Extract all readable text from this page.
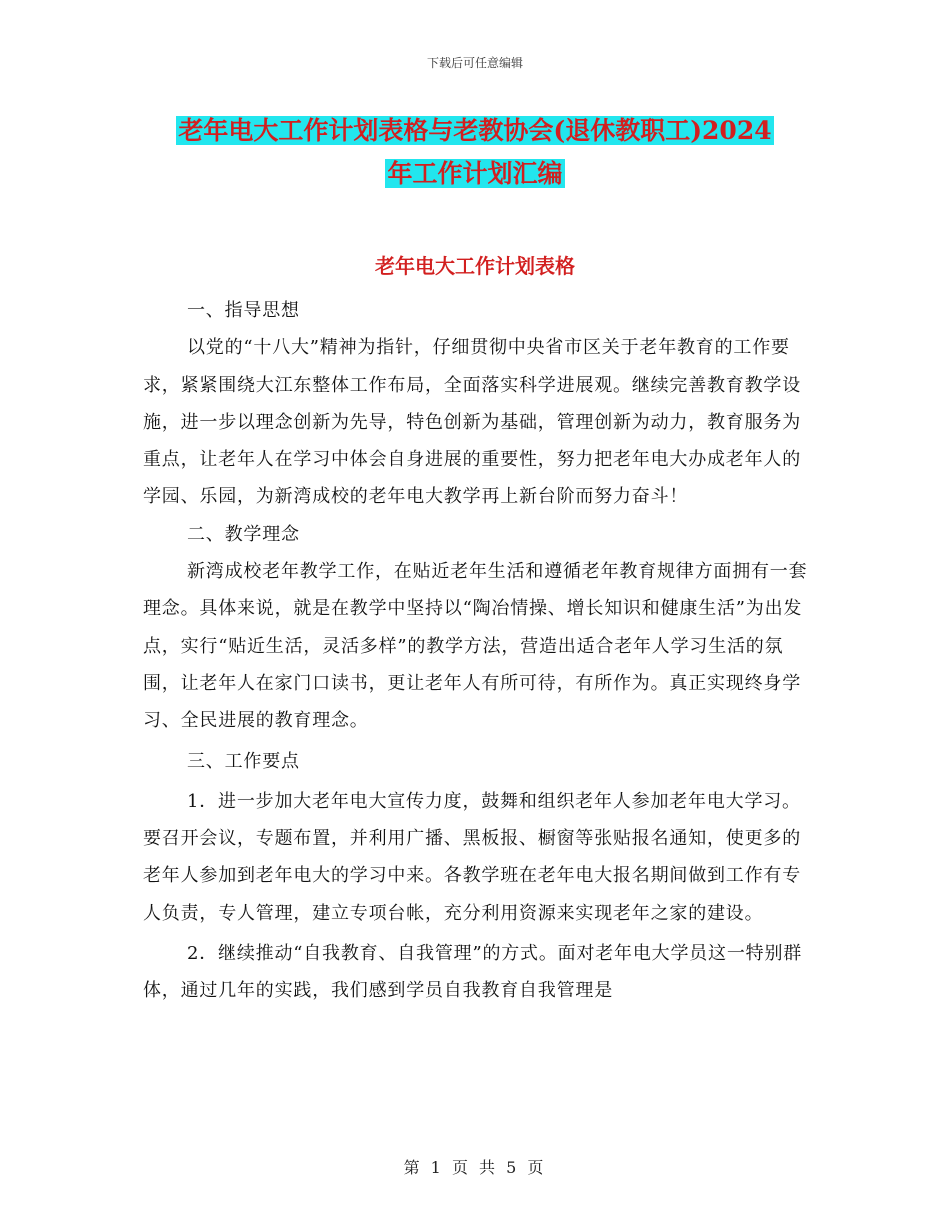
下载后可任意编辑
老年电大工作计划表格与老教协会(退休教职工)2024
年工作计划汇编
老年电大工作计划表格

一、指导思想

以党的“十八大”精神为指针，仔细贯彻中央省市区关于老年教育的工作要求，紧紧围绕大江东整体工作布局，全面落实科学进展观。继续完善教育教学设施，进一步以理念创新为先导，特色创新为基础，管理创新为动力，教育服务为重点，让老年人在学习中体会自身进展的重要性，努力把老年电大办成老年人的学园、乐园，为新湾成校的老年电大教学再上新台阶而努力奋斗！

二、教学理念

新湾成校老年教学工作，在贴近老年生活和遵循老年教育规律方面拥有一套理念。具体来说，就是在教学中坚持以“陶冶情操、增长知识和健康生活”为出发点，实行“贴近生活，灵活多样”的教学方法，营造出适合老年人学习生活的氛围，让老年人在家门口读书，更让老年人有所可待，有所作为。真正实现终身学习、全民进展的教育理念。

三、工作要点

1．进一步加大老年电大宣传力度，鼓舞和组织老年人参加老年电大学习。要召开会议，专题布置，并利用广播、黑板报、橱窗等张贴报名通知，使更多的老年人参加到老年电大的学习中来。各教学班在老年电大报名期间做到工作有专人负责，专人管理，建立专项台帐，充分利用资源来实现老年之家的建设。

2．继续推动“自我教育、自我管理”的方式。面对老年电大学员这一特别群体，通过几年的实践，我们感到学员自我教育自我管理是

第 1 页 共 5 页
